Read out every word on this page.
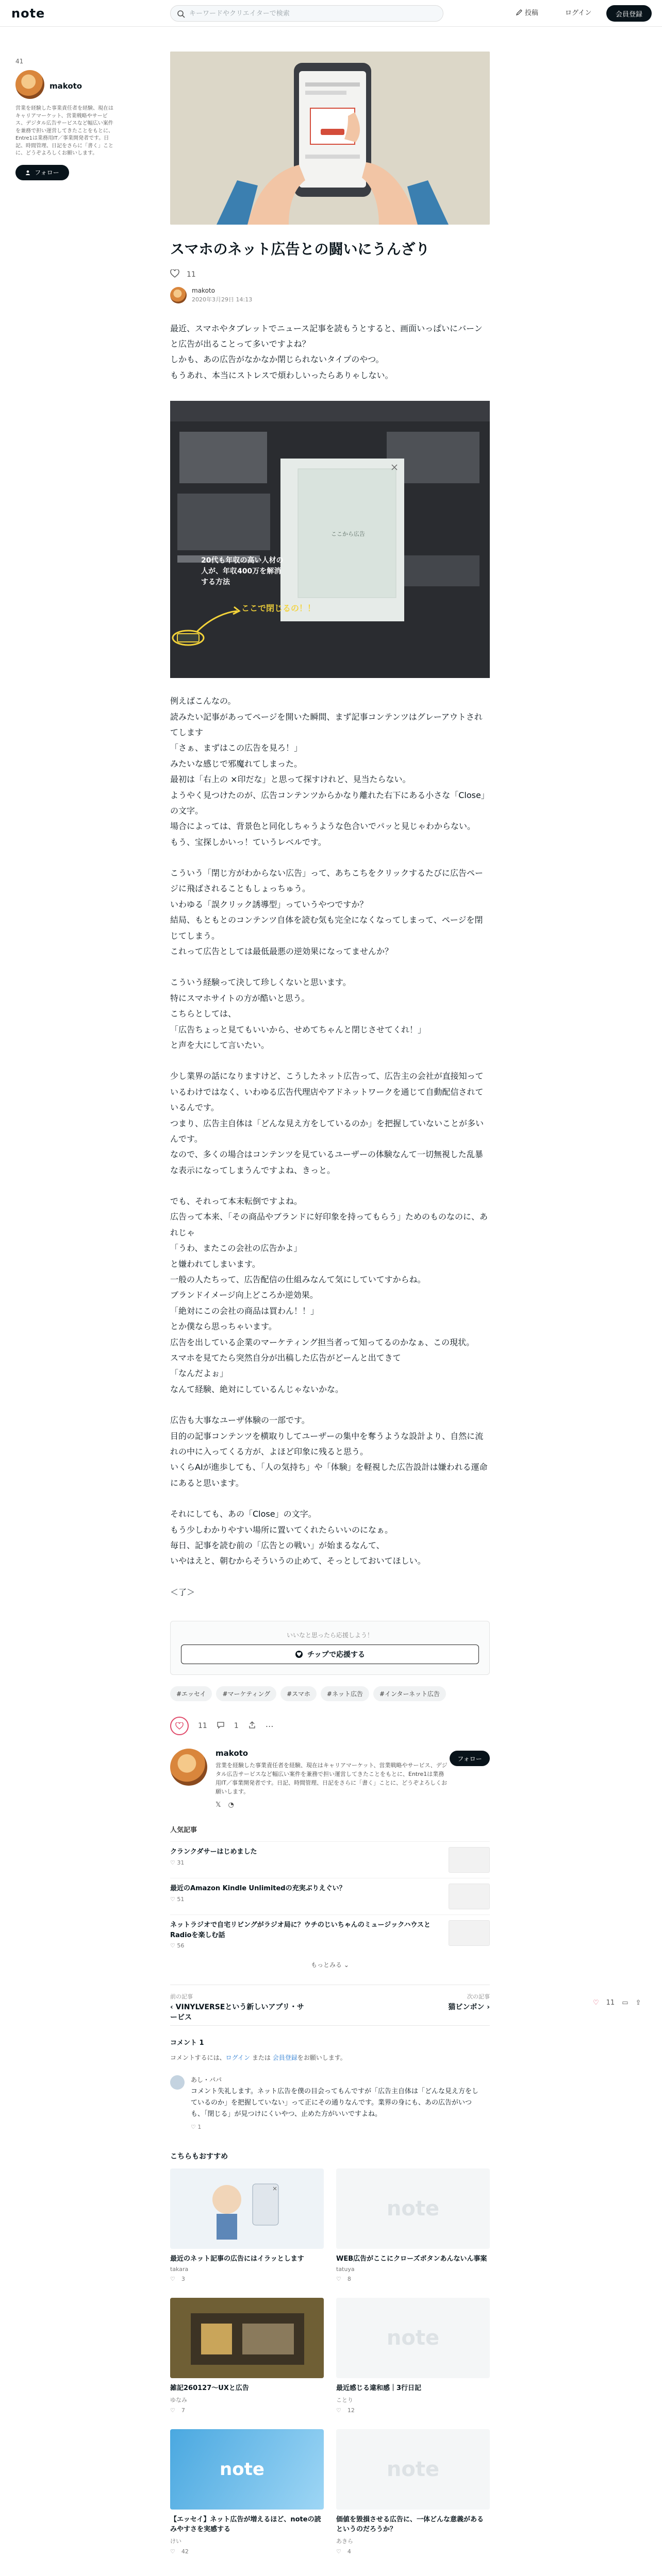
note
キーワードやクリエイターで検索	投稿	ログイン	会員登録
41
makoto
営業を経験した事業責任者を経験、現在はキャリアマーケット、営業戦略やサービス、デジタル広告サービスなど幅広い案件を兼務で担い運営してきたことをもとに、Entre1は業務用IT／事業開発者です。日記、時間管理、日記をさらに「書く」ことに、どうぞよろしくお願いします。
フォロー
スマホのネット広告との闘いにうんざり
11
makoto
2020年3月29日 14:13

最近、スマホやタブレットでニュース記事を読もうとすると、画面いっぱいにバーンと広告が出ることって多いですよね？
しかも、あの広告がなかなか閉じられないタイプのやつ。
もうあれ、本当にストレスで煩わしいったらありゃしない。

ここから広告
20代も年収の高い人材の人が、年収400万を解消する方法
ここで閉じるの！！
例えばこんなの。
読みたい記事があってページを開いた瞬間、まず記事コンテンツはグレーアウトされてします
「さぁ、まずはこの広告を見ろ！」
みたいな感じで邪魔れてしまった。
最初は「右上の ×印だな」と思って探すけれど、見当たらない。
ようやく見つけたのが、広告コンテンツからかなり離れた右下にある小さな「Close」の文字。
場合によっては、背景色と同化しちゃうような色合いでパッと見じゃわからない。
もう、宝探しかいっ！ていうレベルです。
こういう「閉じ方がわからない広告」って、あちこちをクリックするたびに広告ページに飛ばされることもしょっちゅう。
いわゆる「誤クリック誘導型」っていうやつですか？
結局、もともとのコンテンツ自体を読む気も完全になくなってしまって、ページを閉じてしまう。
これって広告としては最低最悪の逆効果になってませんか？
こういう経験って決して珍しくないと思います。
特にスマホサイトの方が酷いと思う。
こちらとしては、
「広告ちょっと見てもいいから、せめてちゃんと閉じさせてくれ！」
と声を大にして言いたい。
少し業界の話になりますけど、こうしたネット広告って、広告主の会社が直接知っているわけではなく、いわゆる広告代理店やアドネットワークを通じて自動配信されているんです。
つまり、広告主自体は「どんな見え方をしているのか」を把握していないことが多いんです。
なので、多くの場合はコンテンツを見ているユーザーの体験なんて一切無視した乱暴な表示になってしまうんですよね、きっと。
でも、それって本末転倒ですよね。
広告って本来、「その商品やブランドに好印象を持ってもらう」ためのものなのに、あれじゃ
「うわ、またこの会社の広告かよ」
と嫌われてしまいます。
一般の人たちって、広告配信の仕組みなんて気にしていてすからね。
ブランドイメージ向上どころか逆効果。
「絶対にこの会社の商品は買わん！！」
とか僕なら思っちゃいます。
広告を出している企業のマーケティング担当者って知ってるのかなぁ、この現状。
スマホを見てたら突然自分が出稿した広告がどーんと出てきて
「なんだよぉ」
なんて経験、絶対にしているんじゃないかな。
広告も大事なユーザ体験の一部です。
目的の記事コンテンツを横取りしてユーザーの集中を奪うような設計より、自然に流れの中に入ってくる方が、よほど印象に残ると思う。
いくらAIが進歩しても、「人の気持ち」や「体験」を軽視した広告設計は嫌われる運命にあると思います。
それにしても、あの「Close」の文字。
もう少しわかりやすい場所に置いてくれたらいいのになぁ。
毎日、記事を読む前の「広告との戦い」が始まるなんて、
いやはえと、朝むからそういうの止めて、そっとしておいてほしい。
＜了＞
いいなと思ったら応援しよう！
チップで応援する
#エッセイ	#マーケティング	#スマホ	#ネット広告	#インターネット広告
11	1	⋯
makoto
営業を経験した事業責任者を経験、現在はキャリアマーケット、営業戦略やサービス、デジタル広告サービスなど幅広い案件を兼務で担い運営してきたことをもとに、Entre1は業務用IT／事業開発者です。日記、時間管理、日記をさらに「書く」ことに、どうぞよろしくお願いします。
𝕏 ◔
フォロー
人気記事
クランクダサーはじめました
♡ 31
最近のAmazon Kindle Unlimitedの充実ぶりえぐい？
♡ 51
ネットラジオで自宅リビングがラジオ局に？ウチのじいちゃんのミュージックハウスとRadioを楽しむ話
♡ 56
もっとみる ⌄
前の記事
‹ VINYLVERSEという新しいアプリ・サービス
次の記事
猫ビンボン ›
コメント 1
コメントするには、ログイン または 会員登録をお願いします。
あし・パパ
コメント失礼します。ネット広告を僕の目会ってもんですが「広告主自体は「どんな見え方をしているのか」を把握していない」って正にその通りなんです。業界の身にも、あの広告がいつも、「閉じる」が見つけにくいやつ、止めた方がいいですよね。
♡ 1
こちらもおすすめ
最近のネット記事の広告にはイラッとします
takara
♡ 3
note
WEB広告がここにクローズボタンあんないん事案
tatuya
♡ 8
雑記260127〜UXと広告
ゆなみ
♡ 7
note
最近感じる違和感｜3行日記
ことり
♡ 12
note
【エッセイ】ネット広告が増えるほど、noteの読みやすさを実感する
けい
♡ 42
note
価値を毀損させる広告に、一体どんな意義があるというのだろうか？
あきら
♡ 4
♡ 11 ▭ ⇪
